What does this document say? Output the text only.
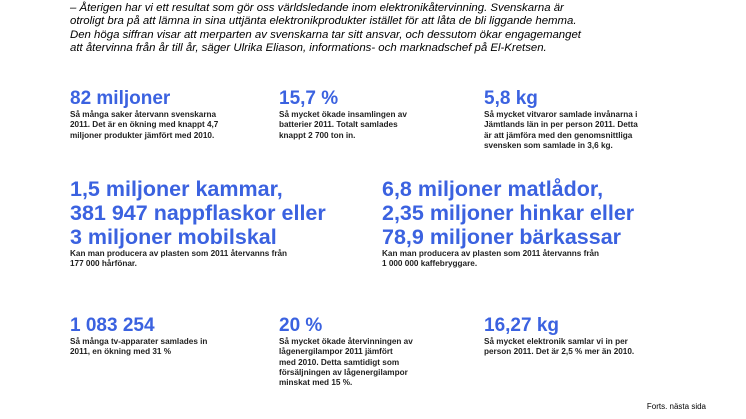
– Återigen har vi ett resultat som gör oss världsledande inom elektronikåtervinning. Svenskarna är
otroligt bra på att lämna in sina uttjänta elektronikprodukter istället för att låta de bli liggande hemma.
Den höga siffran visar att merparten av svenskarna tar sitt ansvar, och dessutom ökar engagemanget
att återvinna från år till år, säger Ulrika Eliason, informations- och marknadschef på El-Kretsen.
82 miljoner
Så många saker återvann svenskarna
2011. Det är en ökning med knappt 4,7
miljoner produkter jämfört med 2010.
15,7 %
Så mycket ökade insamlingen av
batterier 2011. Totalt samlades
knappt 2 700 ton in.
5,8 kg
Så mycket vitvaror samlade invånarna i
Jämtlands län in per person 2011. Detta
är att jämföra med den genomsnittliga
svensken som samlade in 3,6 kg.
1,5 miljoner kammar,
381 947 nappflaskor eller
3 miljoner mobilskal
Kan man producera av plasten som 2011 återvanns från
177 000 hårfönar.
6,8 miljoner matlådor,
2,35 miljoner hinkar eller
78,9 miljoner bärkassar
Kan man producera av plasten som 2011 återvanns från
1 000 000 kaffebryggare.
1 083 254
Så många tv-apparater samlades in
2011, en ökning med 31 %
20 %
Så mycket ökade återvinningen av
lågenergilampor 2011 jämfört
med 2010. Detta samtidigt som
försäljningen av lågenergilampor
minskat med 15 %.
16,27 kg
Så mycket elektronik samlar vi in per
person 2011. Det är 2,5 % mer än 2010.
Forts. nästa sida
